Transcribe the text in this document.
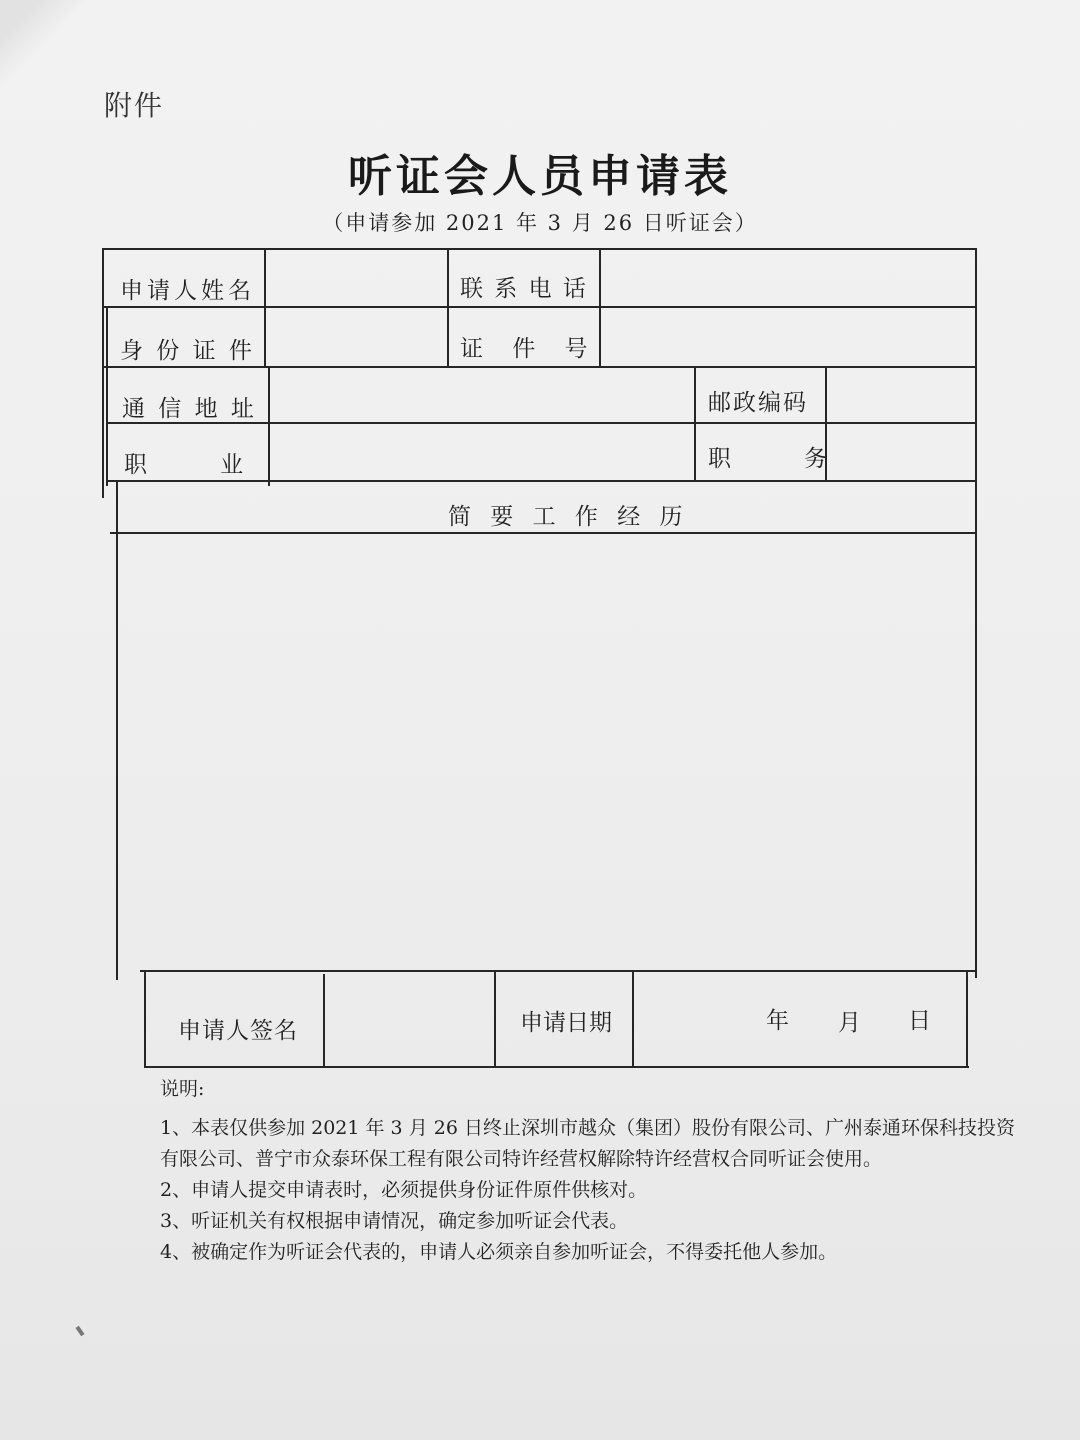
附件
听证会人员申请表
（申请参加 2021 年 3 月 26 日听证会）
申请人姓名	联 系 电 话
身 份 证 件	证    件    号
通 信 地 址	邮政编码
职          业	职          务
简 要 工 作 经 历
申请人签名	申请日期	年 月 日
说明:

1、本表仅供参加 2021 年 3 月 26 日终止深圳市越众（集团）股份有限公司、广州泰通环保科技投资有限公司、普宁市众泰环保工程有限公司特许经营权解除特许经营权合同听证会使用。

2、申请人提交申请表时，必须提供身份证件原件供核对。

3、听证机关有权根据申请情况，确定参加听证会代表。

4、被确定作为听证会代表的，申请人必须亲自参加听证会，不得委托他人参加。
